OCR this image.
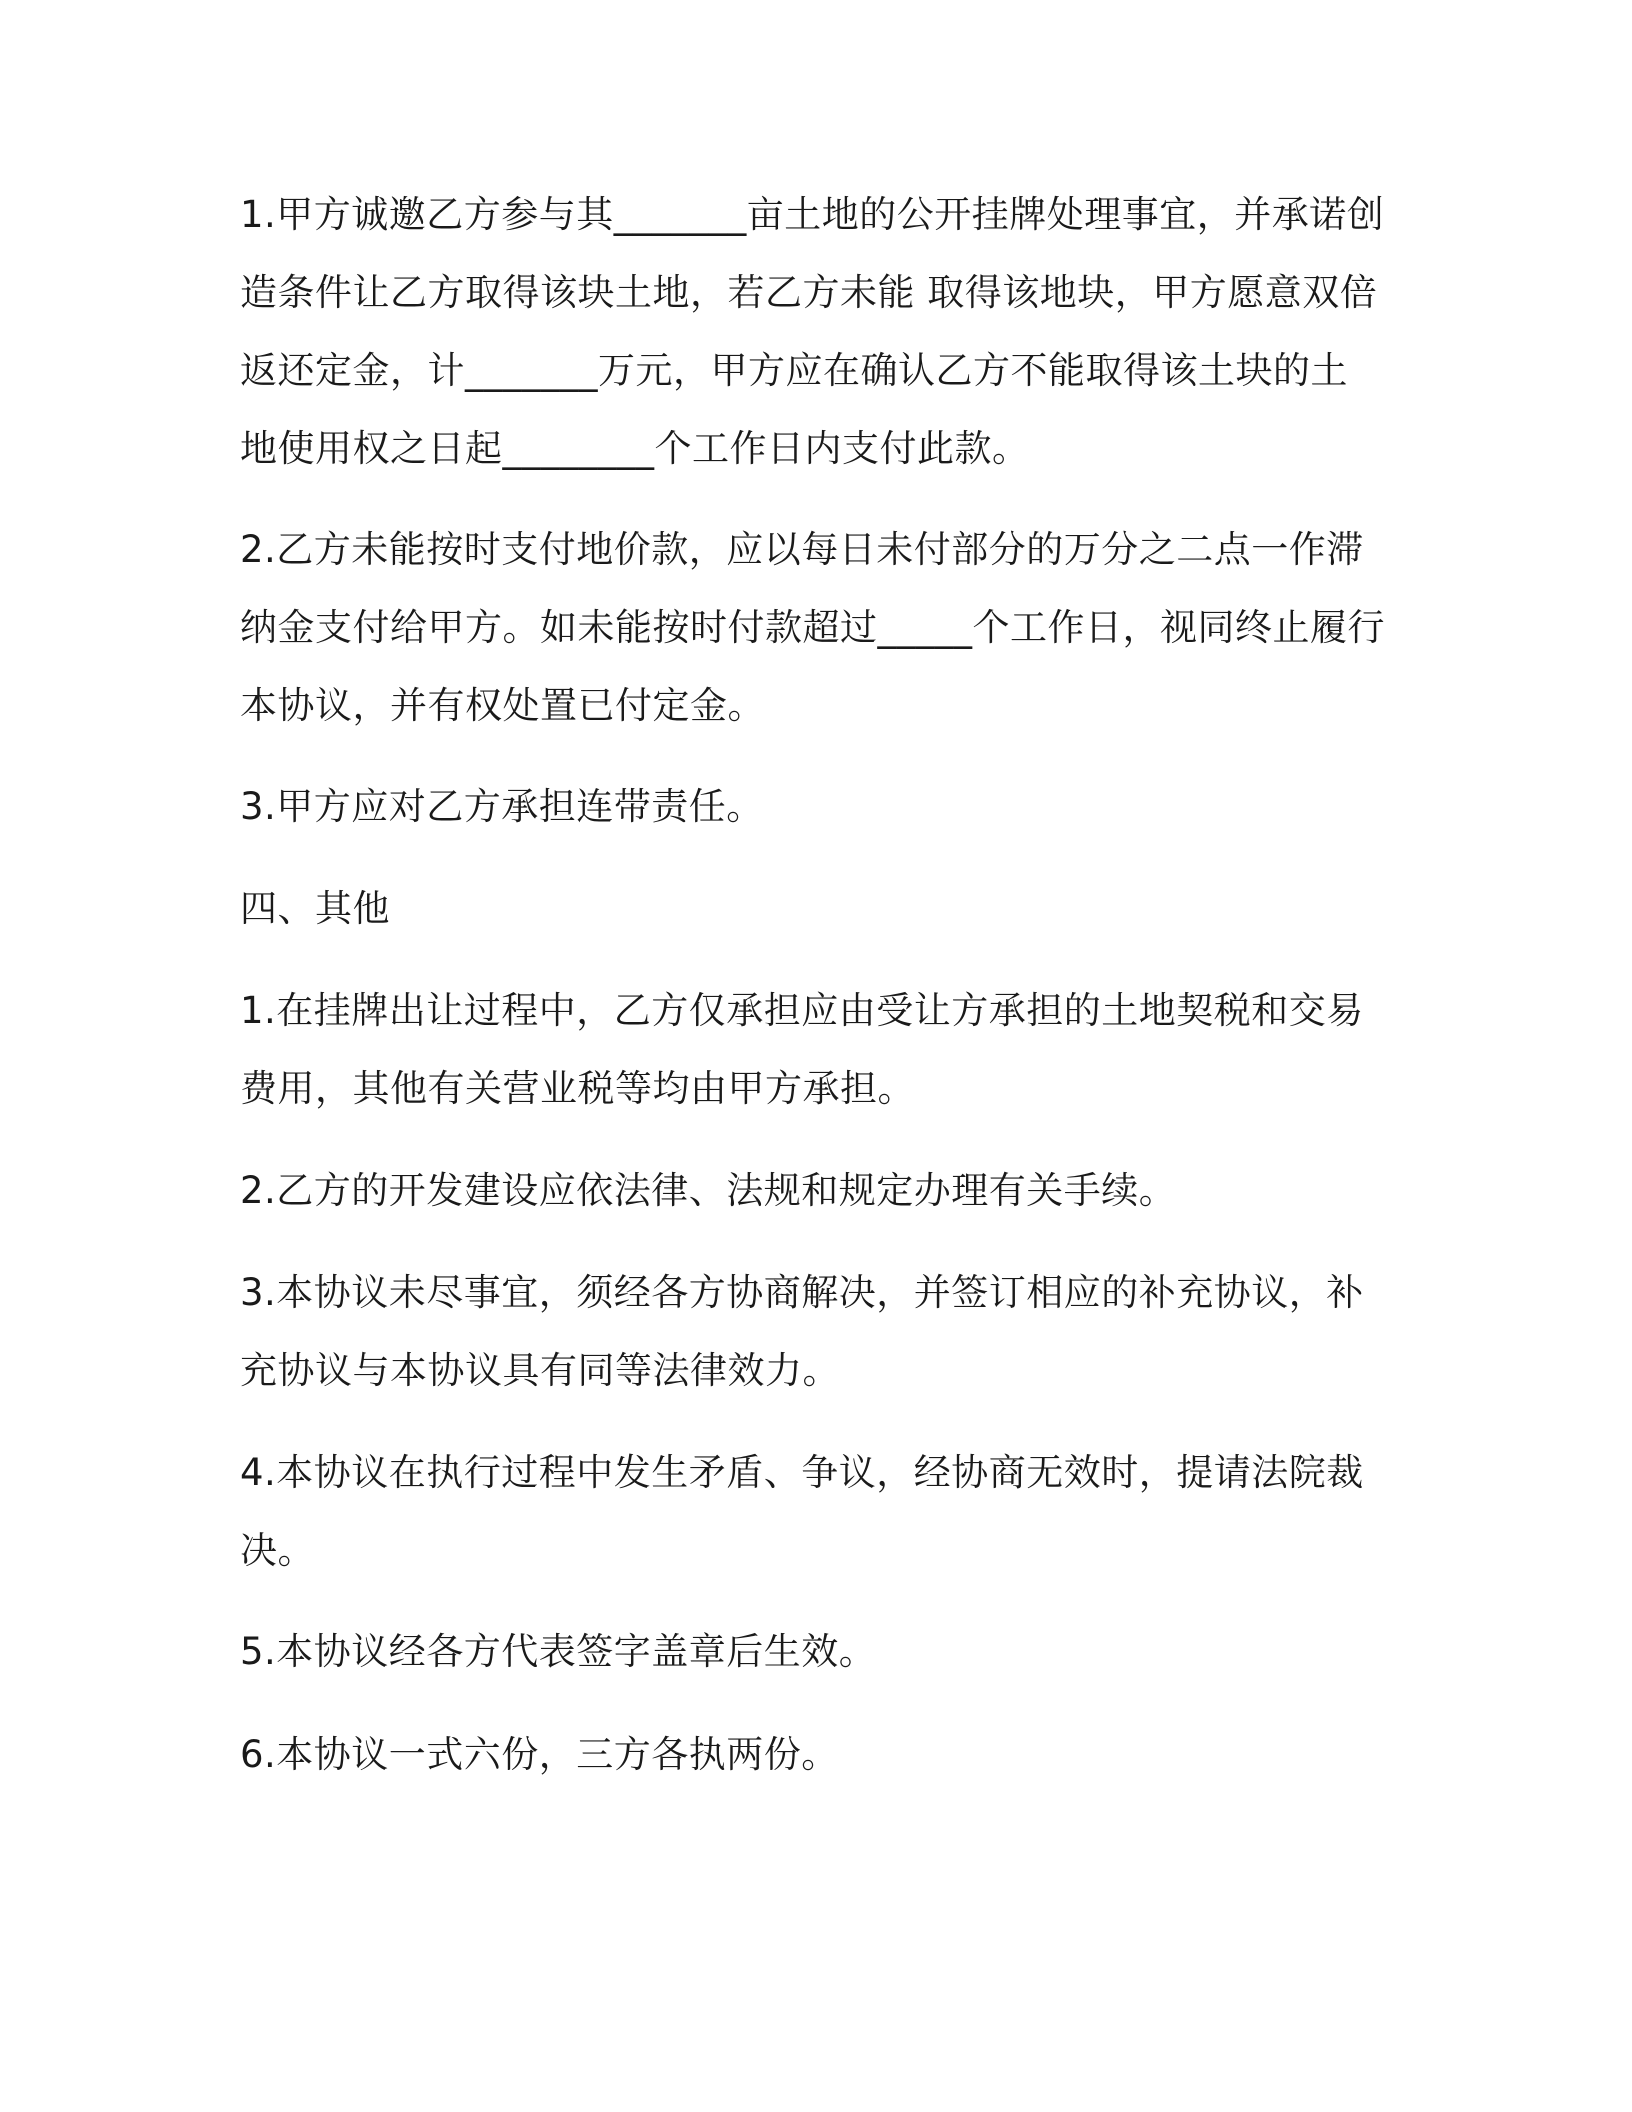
1.甲方诚邀乙方参与其_______亩土地的公开挂牌处理事宜，并承诺创
造条件让乙方取得该块土地，若乙方未能 取得该地块，甲方愿意双倍
返还定金，计_______万元，甲方应在确认乙方不能取得该土块的土
地使用权之日起________个工作日内支付此款。
2.乙方未能按时支付地价款，应以每日未付部分的万分之二点一作滞
纳金支付给甲方。如未能按时付款超过_____个工作日，视同终止履行
本协议，并有权处置已付定金。
3.甲方应对乙方承担连带责任。
四、其他
1.在挂牌出让过程中，乙方仅承担应由受让方承担的土地契税和交易
费用，其他有关营业税等均由甲方承担。
2.乙方的开发建设应依法律、法规和规定办理有关手续。
3.本协议未尽事宜，须经各方协商解决，并签订相应的补充协议，补
充协议与本协议具有同等法律效力。
4.本协议在执行过程中发生矛盾、争议，经协商无效时，提请法院裁
决。
5.本协议经各方代表签字盖章后生效。
6.本协议一式六份，三方各执两份。
